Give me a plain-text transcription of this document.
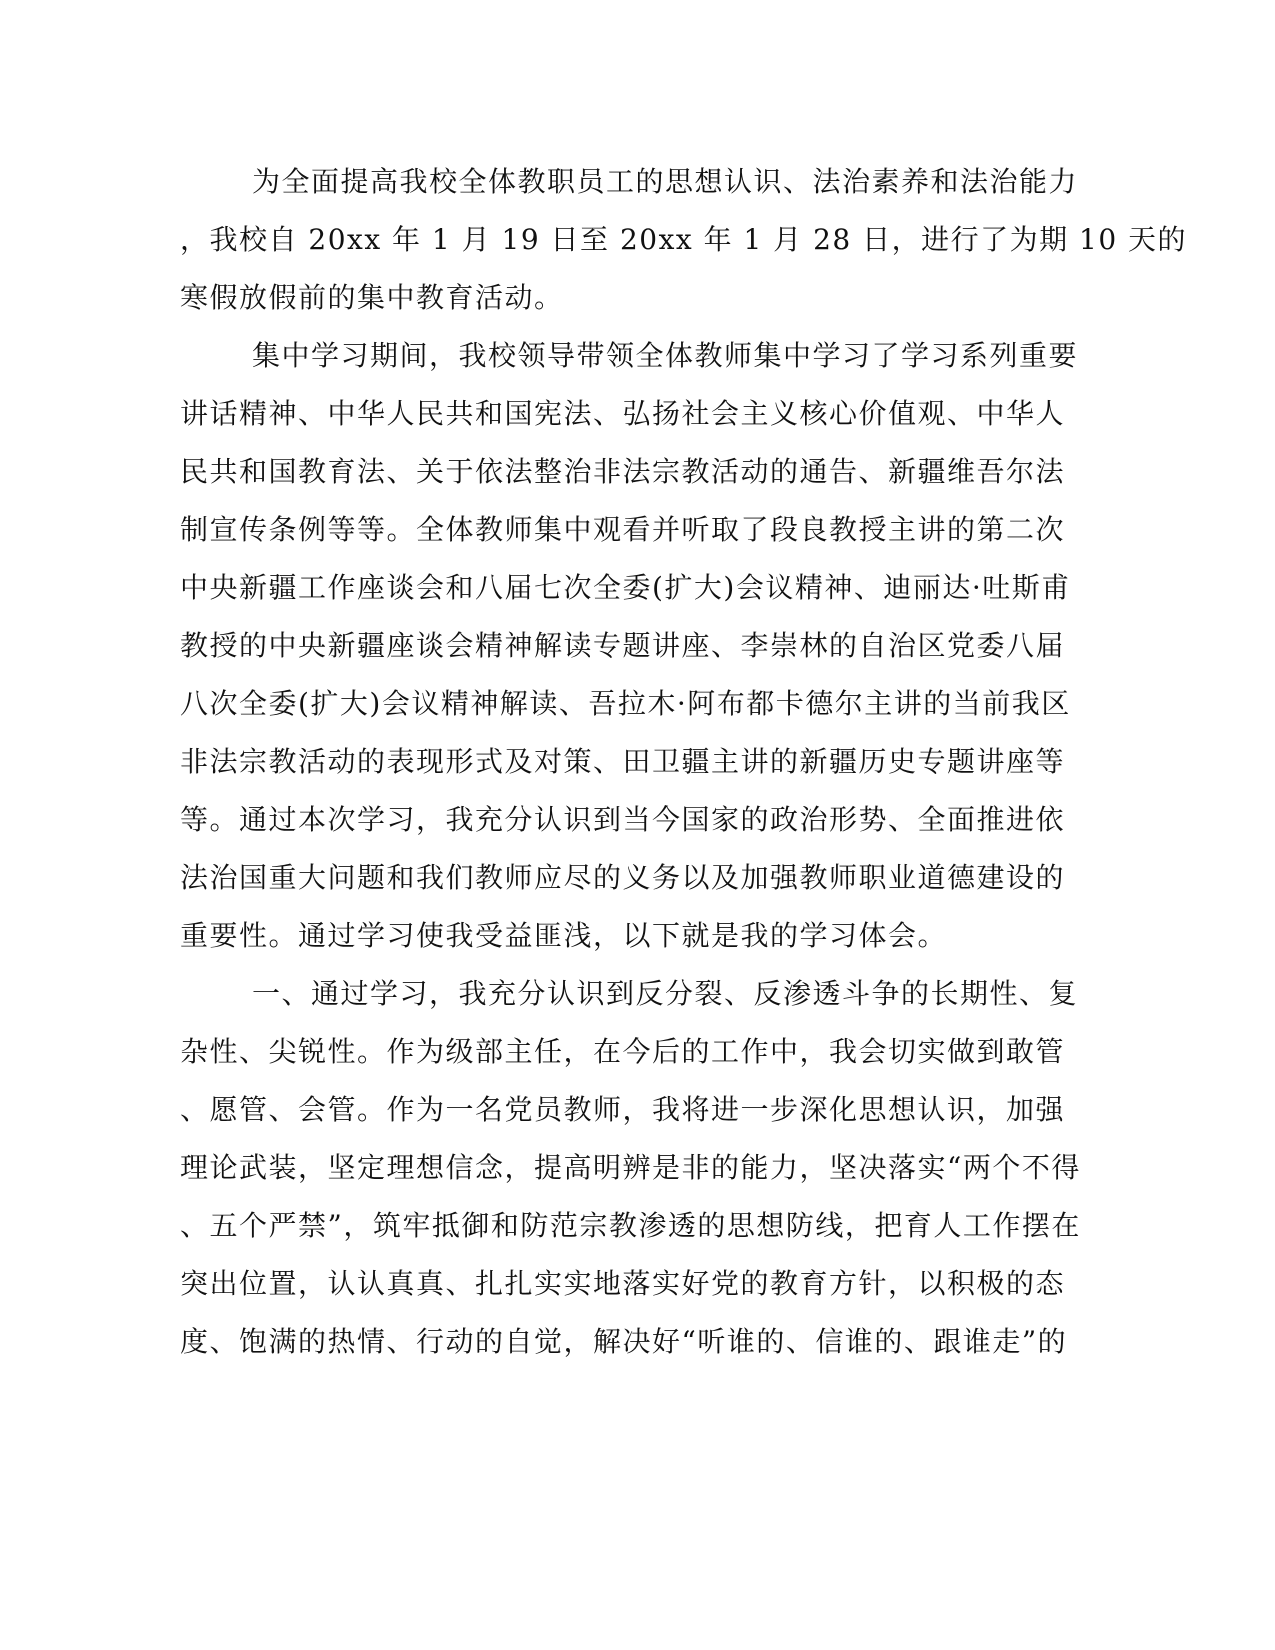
为全面提高我校全体教职员工的思想认识、法治素养和法治能力
，我校自 20xx 年 1 月 19 日至 20xx 年 1 月 28 日，进行了为期 10 天的
寒假放假前的集中教育活动。
集中学习期间，我校领导带领全体教师集中学习了学习系列重要
讲话精神、中华人民共和国宪法、弘扬社会主义核心价值观、中华人
民共和国教育法、关于依法整治非法宗教活动的通告、新疆维吾尔法
制宣传条例等等。全体教师集中观看并听取了段良教授主讲的第二次
中央新疆工作座谈会和八届七次全委(扩大)会议精神、迪丽达·吐斯甫
教授的中央新疆座谈会精神解读专题讲座、李崇林的自治区党委八届
八次全委(扩大)会议精神解读、吾拉木·阿布都卡德尔主讲的当前我区
非法宗教活动的表现形式及对策、田卫疆主讲的新疆历史专题讲座等
等。通过本次学习，我充分认识到当今国家的政治形势、全面推进依
法治国重大问题和我们教师应尽的义务以及加强教师职业道德建设的
重要性。通过学习使我受益匪浅，以下就是我的学习体会。
一、通过学习，我充分认识到反分裂、反渗透斗争的长期性、复
杂性、尖锐性。作为级部主任，在今后的工作中，我会切实做到敢管
、愿管、会管。作为一名党员教师，我将进一步深化思想认识，加强
理论武装，坚定理想信念，提高明辨是非的能力，坚决落实“两个不得
、五个严禁”，筑牢抵御和防范宗教渗透的思想防线，把育人工作摆在
突出位置，认认真真、扎扎实实地落实好党的教育方针，以积极的态
度、饱满的热情、行动的自觉，解决好“听谁的、信谁的、跟谁走”的
